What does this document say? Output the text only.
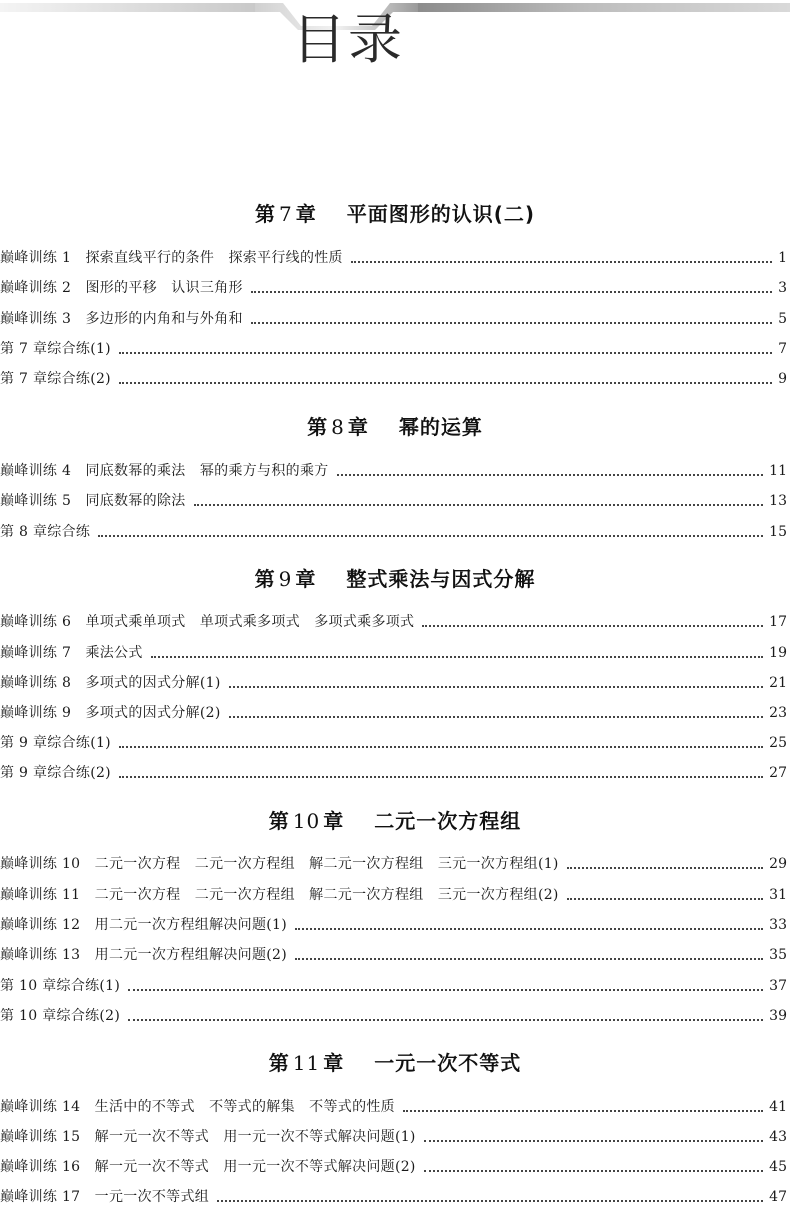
目录
第 7 章 平面图形的认识(二)
巅峰训练 1　探索直线平行的条件　探索平行线的性质	1
巅峰训练 2　图形的平移　认识三角形	3
巅峰训练 3　多边形的内角和与外角和	5
第 7 章综合练(1)	7
第 7 章综合练(2)	9
第 8 章 幂的运算
巅峰训练 4　同底数幂的乘法　幂的乘方与积的乘方	11
巅峰训练 5　同底数幂的除法	13
第 8 章综合练	15
第 9 章 整式乘法与因式分解
巅峰训练 6　单项式乘单项式　单项式乘多项式　多项式乘多项式	17
巅峰训练 7　乘法公式	19
巅峰训练 8　多项式的因式分解(1)	21
巅峰训练 9　多项式的因式分解(2)	23
第 9 章综合练(1)	25
第 9 章综合练(2)	27
第 10 章 二元一次方程组
巅峰训练 10　二元一次方程　二元一次方程组　解二元一次方程组　三元一次方程组(1)	29
巅峰训练 11　二元一次方程　二元一次方程组　解二元一次方程组　三元一次方程组(2)	31
巅峰训练 12　用二元一次方程组解决问题(1)	33
巅峰训练 13　用二元一次方程组解决问题(2)	35
第 10 章综合练(1)	37
第 10 章综合练(2)	39
第 11 章 一元一次不等式
巅峰训练 14　生活中的不等式　不等式的解集　不等式的性质	41
巅峰训练 15　解一元一次不等式　用一元一次不等式解决问题(1)	43
巅峰训练 16　解一元一次不等式　用一元一次不等式解决问题(2)	45
巅峰训练 17　一元一次不等式组	47
